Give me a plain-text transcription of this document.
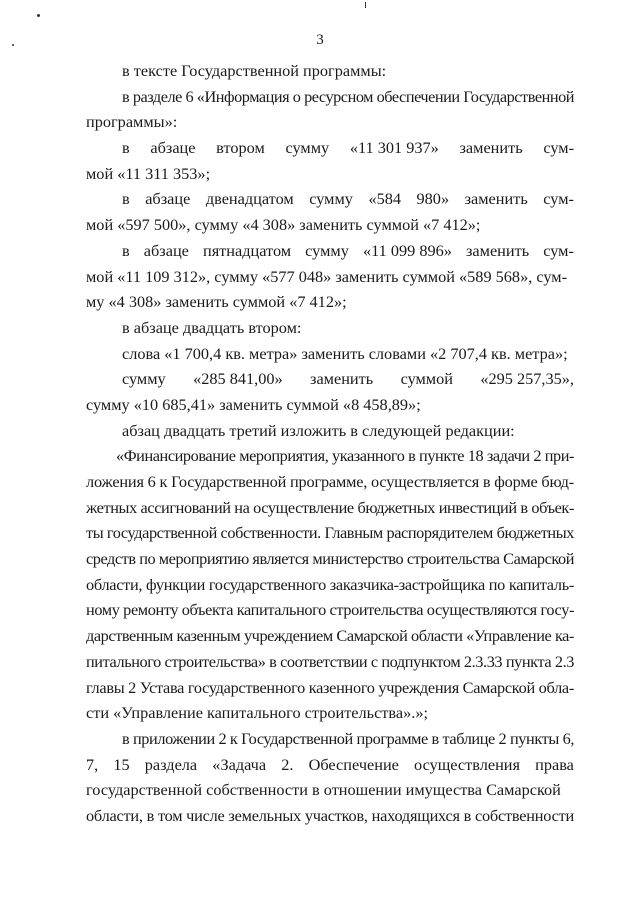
3
в тексте Государственной программы:
в разделе 6 «Информация о ресурсном обеспечении Государственной
программы»:
в абзаце втором сумму «11 301 937» заменить сум-
мой «11 311 353»;
в абзаце двенадцатом сумму «584 980» заменить сум-
мой «597 500», сумму «4 308» заменить суммой «7 412»;
в абзаце пятнадцатом сумму «11 099 896» заменить сум-
мой «11 109 312», сумму «577 048» заменить суммой «589 568», сум-
му «4 308» заменить суммой «7 412»;
в абзаце двадцать втором:
слова «1 700,4 кв. метра» заменить словами «2 707,4 кв. метра»;
сумму «285 841,00» заменить суммой «295 257,35»,
сумму «10 685,41» заменить суммой «8 458,89»;
абзац двадцать третий изложить в следующей редакции:
«Финансирование мероприятия, указанного в пункте 18 задачи 2 при-
ложения 6 к Государственной программе, осуществляется в форме бюд-
жетных ассигнований на осуществление бюджетных инвестиций в объек-
ты государственной собственности. Главным распорядителем бюджетных
средств по мероприятию является министерство строительства Самарской
области, функции государственного заказчика-застройщика по капиталь-
ному ремонту объекта капитального строительства осуществляются госу-
дарственным казенным учреждением Самарской области «Управление ка-
питального строительства» в соответствии с подпунктом 2.3.33 пункта 2.3
главы 2 Устава государственного казенного учреждения Самарской обла-
сти «Управление капитального строительства».»;
в приложении 2 к Государственной программе в таблице 2 пункты 6,
7, 15 раздела «Задача 2. Обеспечение осуществления права
государственной собственности в отношении имущества Самарской
области, в том числе земельных участков, находящихся в собственности
